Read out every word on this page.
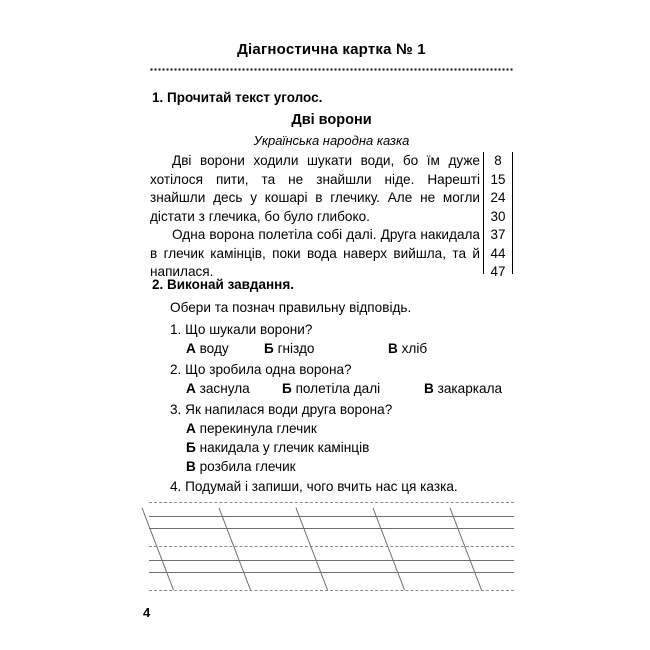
Діагностична картка № 1
1. Прочитай текст уголос.
Дві ворони
Українська народна казка

Дві ворони ходили шукати води, бо їм дуже хотілося пити, та не знайшли ніде. Нарешті знайшли десь у кошарі в глечику. Але не могли дістати з глечика, бо було глибоко.

Одна ворона полетіла собі далі. Друга накидала в глечик камінців, поки вода наверх вийшла, та й напилася.

8
15
24
30
37
44
47
2. Виконай завдання.
Обери та познач правильну відповідь.
1. Що шукали ворони?
А воду	Б гніздо	В хліб
2. Що зробила одна ворона?
А заснула Б полетіла далі	В закаркала
3. Як напилася води друга ворона?
А перекинула глечик
Б накидала у глечик камінців
В розбила глечик
4. Подумай і запиши, чого вчить нас ця казка.
4
